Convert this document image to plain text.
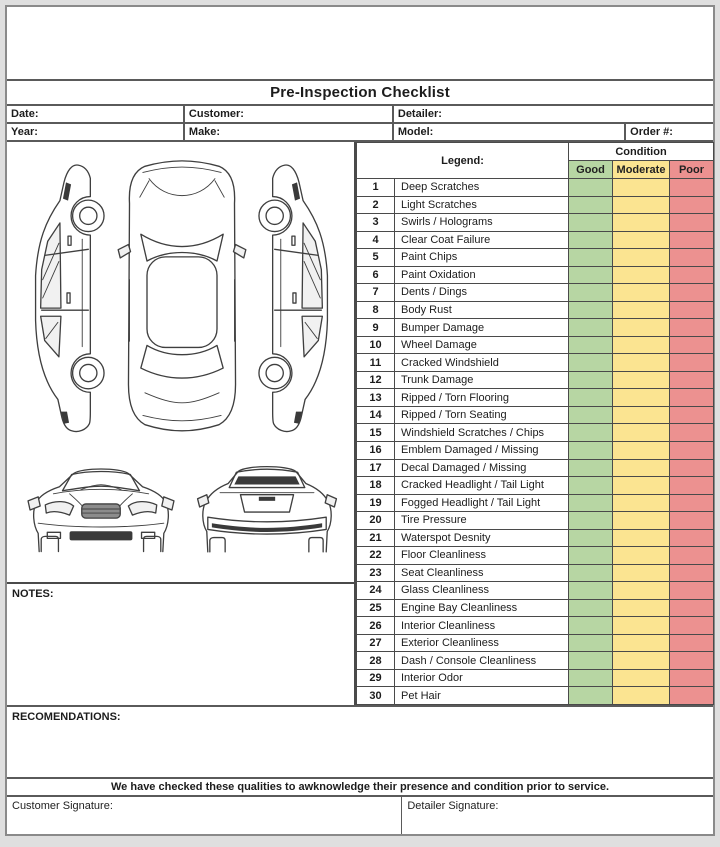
Pre-Inspection Checklist
Date:	Customer:	Detailer:
Year:	Make:	Model:	Order #:
NOTES:
Legend:		Condition		
		Good	Moderate	Poor
1	Deep Scratches			
2	Light Scratches			
3	Swirls / Holograms			
4	Clear Coat Failure			
5	Paint Chips			
6	Paint Oxidation			
7	Dents / Dings			
8	Body Rust			
9	Bumper Damage			
10	Wheel Damage			
11	Cracked Windshield			
12	Trunk Damage			
13	Ripped / Torn Flooring			
14	Ripped / Torn Seating			
15	Windshield Scratches / Chips			
16	Emblem Damaged / Missing			
17	Decal Damaged / Missing			
18	Cracked Headlight / Tail Light			
19	Fogged Headlight / Tail Light			
20	Tire Pressure			
21	Waterspot Desnity			
22	Floor Cleanliness			
23	Seat Cleanliness			
24	Glass Cleanliness			
25	Engine Bay Cleanliness			
26	Interior Cleanliness			
27	Exterior Cleanliness			
28	Dash / Console Cleanliness			
29	Interior Odor			
30	Pet Hair			
RECOMENDATIONS:
We have checked these qualities to awknowledge their presence and condition prior to service.
Customer Signature:	Detailer Signature:
